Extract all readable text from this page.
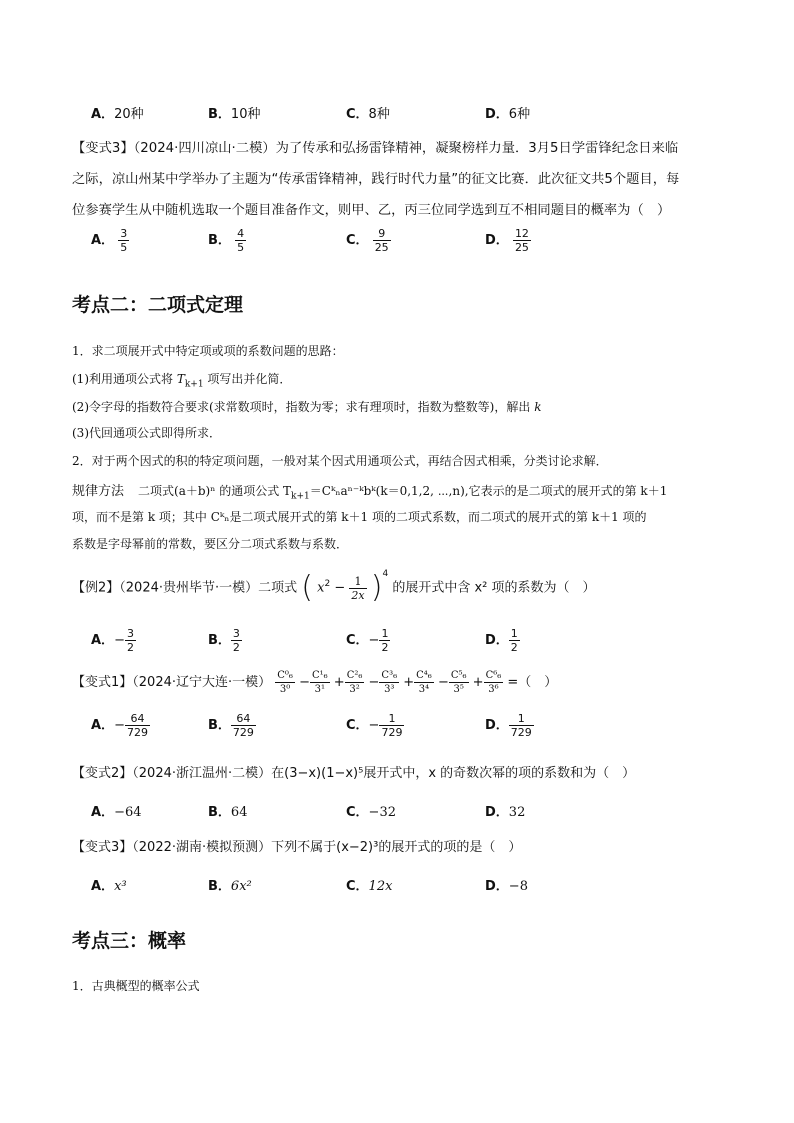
A．20种	B．10种	C．8种	D．6种
【变式3】（2024·四川凉山·二模）为了传承和弘扬雷锋精神，凝聚榜样力量．3月5日学雷锋纪念日来临
之际，凉山州某中学举办了主题为“传承雷锋精神，践行时代力量”的征文比赛．此次征文共5个题目，每
位参赛学生从中随机选取一个题目准备作文，则甲、乙，丙三位同学选到互不相同题目的概率为（　）
A． $\frac{3}{5}$	B． $\frac{4}{5}$	C． $\frac{9}{25}$	D． $\frac{12}{25}$
考点二：二项式定理
1．求二项展开式中特定项或项的系数问题的思路：
(1)利用通项公式将 $T_{k+1}$ 项写出并化简．
(2)令字母的指数符合要求(求常数项时，指数为零；求有理项时，指数为整数等)，解出 k
(3)代回通项公式即得所求．
2．对于两个因式的积的特定项问题，一般对某个因式用通项公式，再结合因式相乘，分类讨论求解．
规律方法 二项式(a＋b)ⁿ 的通项公式 $T_{k+1}=Cᵏ_na^{n-}ᵏbᵏ(k=0,1,2$, ⋯,n),它表示的是二项式的展开式的第 k＋1
项，而不是第 k 项；其中 Cᵏₙ是二项式展开式的第 k＋1 项的二项式系数，而二项式的展开式的第 k＋1 项的
系数是字母幂前的常数，要区分二项式系数与系数．
【例2】（2024·贵州毕节·一模）二项式 ( $x^2 - \frac{1}{2x} )^4$ 的展开式中含 x² 项的系数为（　）
A．− $\frac{3}{2}$	B． $\frac{3}{2}$	C．− $\frac{1}{2}$	D． $\frac{1}{2}$
【变式1】（2024·辽宁大连·一模） $\frac{\text{C⁰₆}}{\text{3⁰}} - \frac{\text{C¹₆}}{\text{3¹}} + \frac{\text{C²₆}}{\text{3²}} - \frac{\text{C³₆}}{\text{3³}} + \frac{\text{C⁴₆}}{\text{3⁴}} - \frac{\text{C⁵₆}}{\text{3⁵}} + \frac{\text{C⁶₆}}{\text{3⁶}}$ =（　）
A．− $\frac{64}{729}$	B． $\frac{64}{729}$	C．− $\frac{1}{729}$	D． $\frac{1}{729}$
【变式2】（2024·浙江温州·二模）在(3−x)(1−x)⁵展开式中，x 的奇数次幂的项的系数和为（　）
A．−64	B．64	C．−32	D．32
【变式3】（2022·湖南·模拟预测）下列不属于(x−2)³的展开式的项的是（　）
A．x³	B．6x²	C．12x	D．−8
考点三：概率
1．古典概型的概率公式
